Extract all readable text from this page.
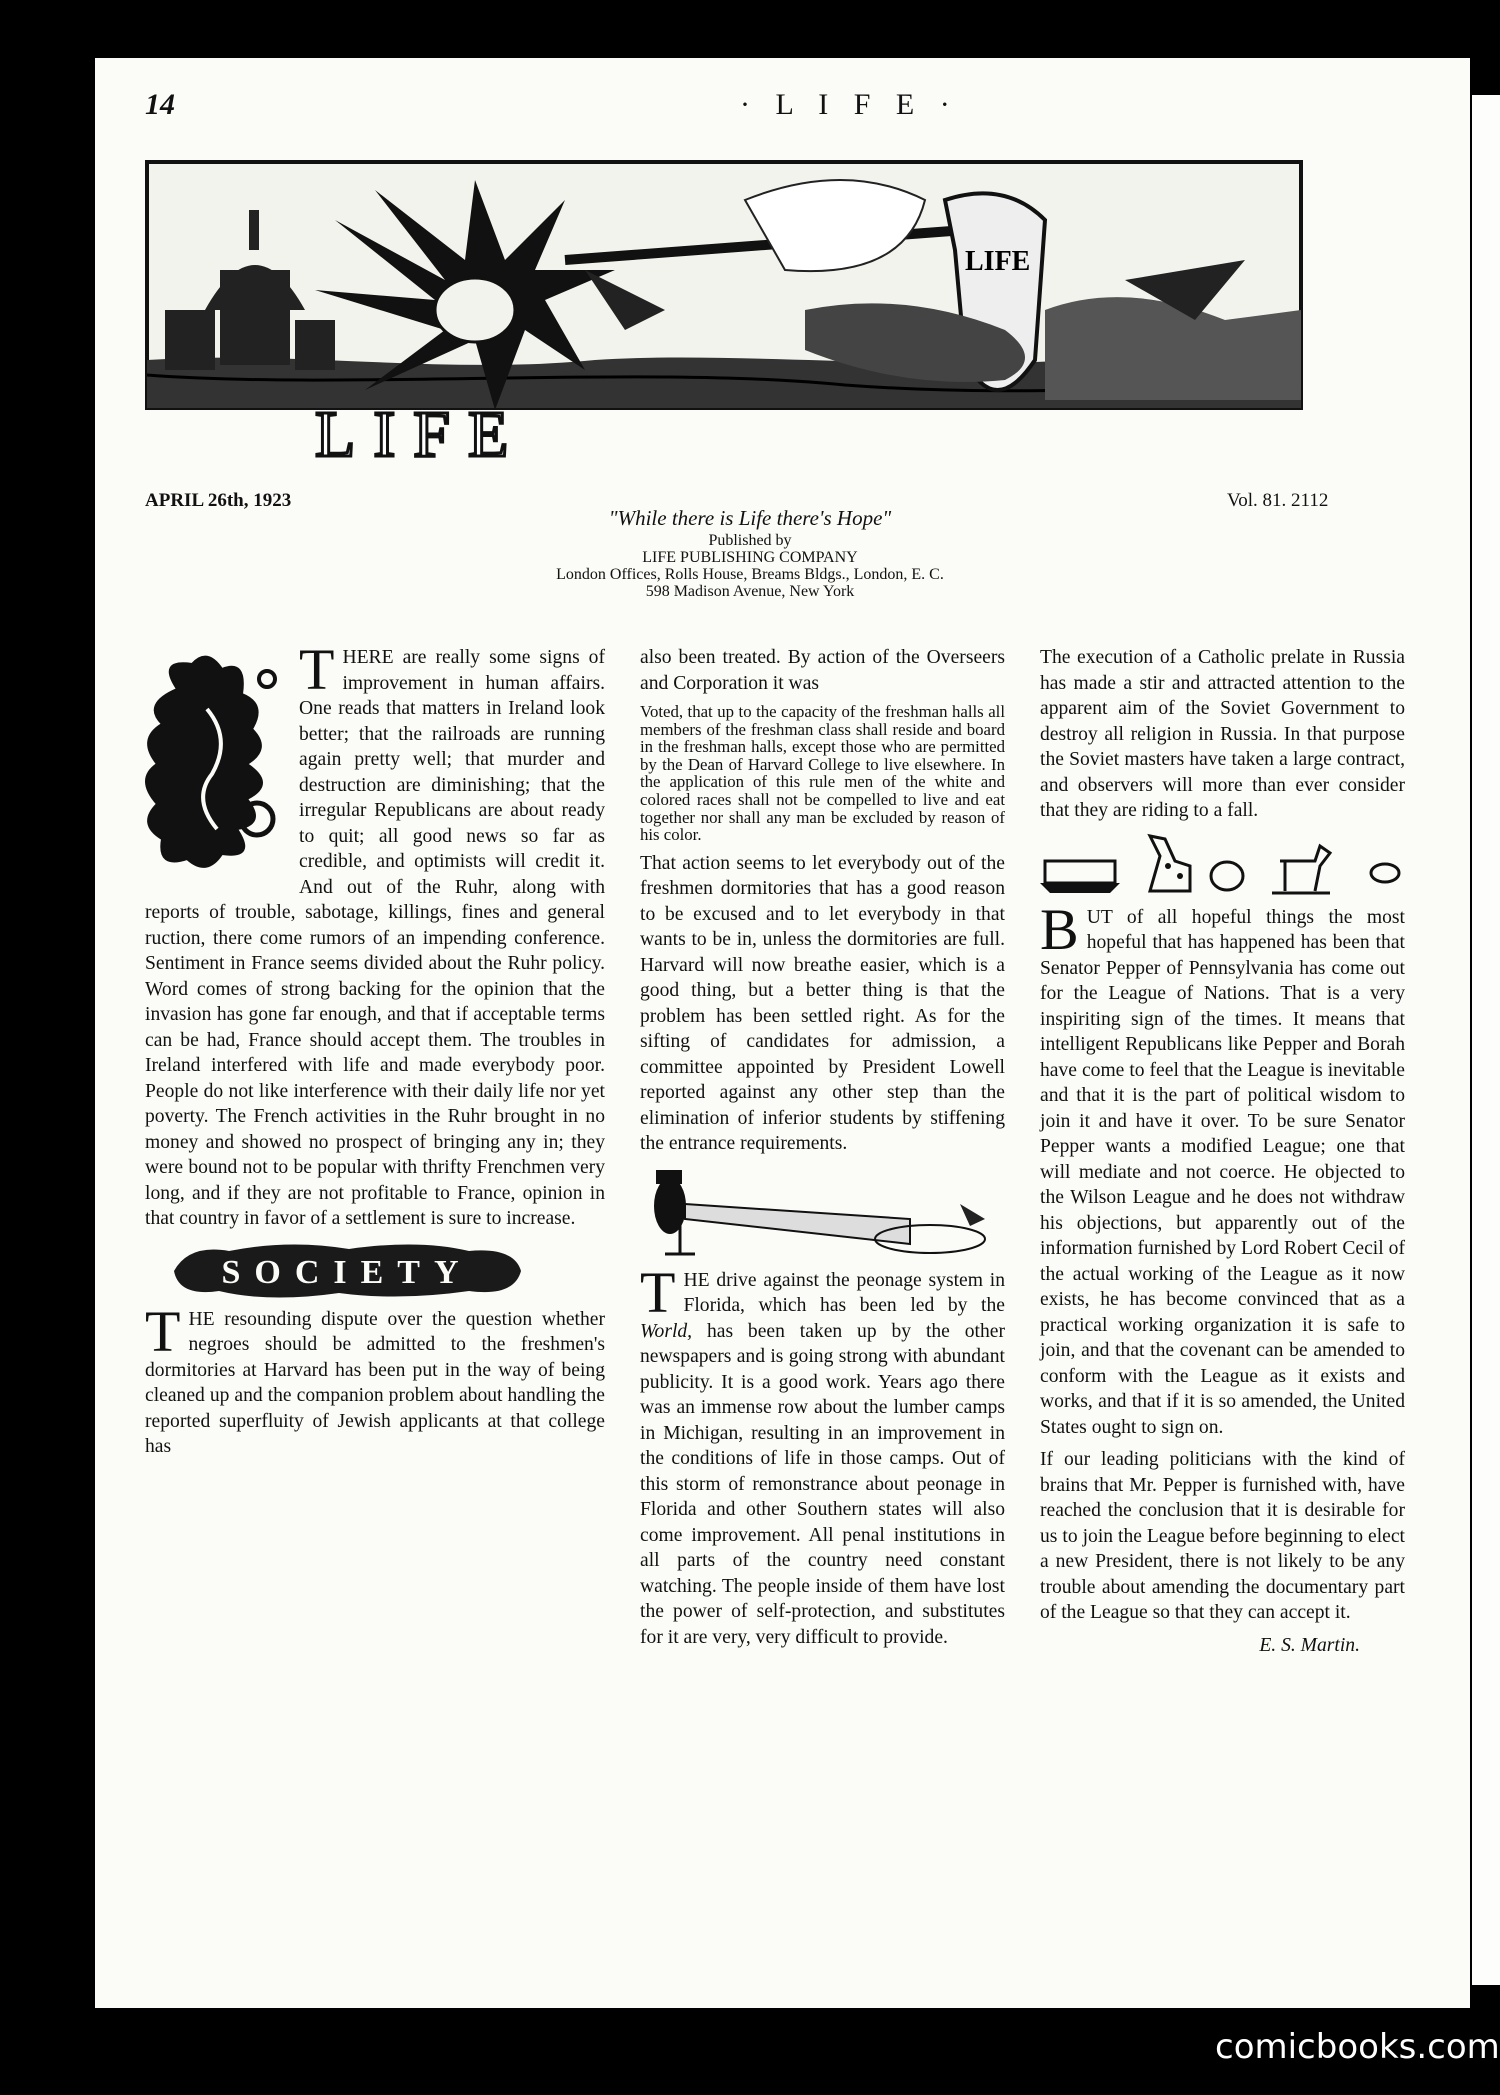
14	· L I F E ·
LIFE
LIFE
APRIL 26th, 1923	Vol. 81. 2112
"While there is Life there's Hope"
Published by
LIFE PUBLISHING COMPANY
London Offices, Rolls House, Breams Bldgs., London, E. C.
598 Madison Avenue, New York

THERE are really some signs of improvement in human affairs. One reads that matters in Ireland look better; that the railroads are running again pretty well; that murder and destruction are diminishing; that the irregular Republicans are about ready to quit; all good news so far as credible, and optimists will credit it. And out of the Ruhr, along with reports of trouble, sabotage, killings, fines and general ruction, there come rumors of an impending conference. Sentiment in France seems divided about the Ruhr policy. Word comes of strong backing for the opinion that the invasion has gone far enough, and that if acceptable terms can be had, France should accept them. The troubles in Ireland interfered with life and made everybody poor. People do not like interference with their daily life nor yet poverty. The French activities in the Ruhr brought in no money and showed no prospect of bringing any in; they were bound not to be popular with thrifty Frenchmen very long, and if they are not profitable to France, opinion in that country in favor of a settlement is sure to increase.

SOCIETY

THE resounding dispute over the question whether negroes should be admitted to the freshmen's dormitories at Harvard has been put in the way of being cleaned up and the companion problem about handling the reported superfluity of Jewish applicants at that college has

also been treated. By action of the Overseers and Corporation it was

Voted, that up to the capacity of the freshman halls all members of the freshman class shall reside and board in the freshman halls, except those who are permitted by the Dean of Harvard College to live elsewhere. In the application of this rule men of the white and colored races shall not be compelled to live and eat together nor shall any man be excluded by reason of his color.

That action seems to let everybody out of the freshmen dormitories that has a good reason to be excused and to let everybody in that wants to be in, unless the dormitories are full. Harvard will now breathe easier, which is a good thing, but a better thing is that the problem has been settled right. As for the sifting of candidates for admission, a committee appointed by President Lowell reported against any other step than the elimination of inferior students by stiffening the entrance requirements.

THE drive against the peonage system in Florida, which has been led by the World, has been taken up by the other newspapers and is going strong with abundant publicity. It is a good work. Years ago there was an immense row about the lumber camps in Michigan, resulting in an improvement in the conditions of life in those camps. Out of this storm of remonstrance about peonage in Florida and other Southern states will also come improvement. All penal institutions in all parts of the country need constant watching. The people inside of them have lost the power of self-protection, and substitutes for it are very, very difficult to provide.

The execution of a Catholic prelate in Russia has made a stir and attracted attention to the apparent aim of the Soviet Government to destroy all religion in Russia. In that purpose the Soviet masters have taken a large contract, and observers will more than ever consider that they are riding to a fall.

BUT of all hopeful things the most hopeful that has happened has been that Senator Pepper of Pennsylvania has come out for the League of Nations. That is a very inspiriting sign of the times. It means that intelligent Republicans like Pepper and Borah have come to feel that the League is inevitable and that it is the part of political wisdom to join it and have it over. To be sure Senator Pepper wants a modified League; one that will mediate and not coerce. He objected to the Wilson League and he does not withdraw his objections, but apparently out of the information furnished by Lord Robert Cecil of the actual working of the League as it now exists, he has become convinced that as a practical working organization it is safe to join, and that the covenant can be amended to conform with the League as it exists and works, and that if it is so amended, the United States ought to sign on.

If our leading politicians with the kind of brains that Mr. Pepper is furnished with, have reached the conclusion that it is desirable for us to join the League before beginning to elect a new President, there is not likely to be any trouble about amending the documentary part of the League so that they can accept it.

E. S. Martin.
comicbooks.com
